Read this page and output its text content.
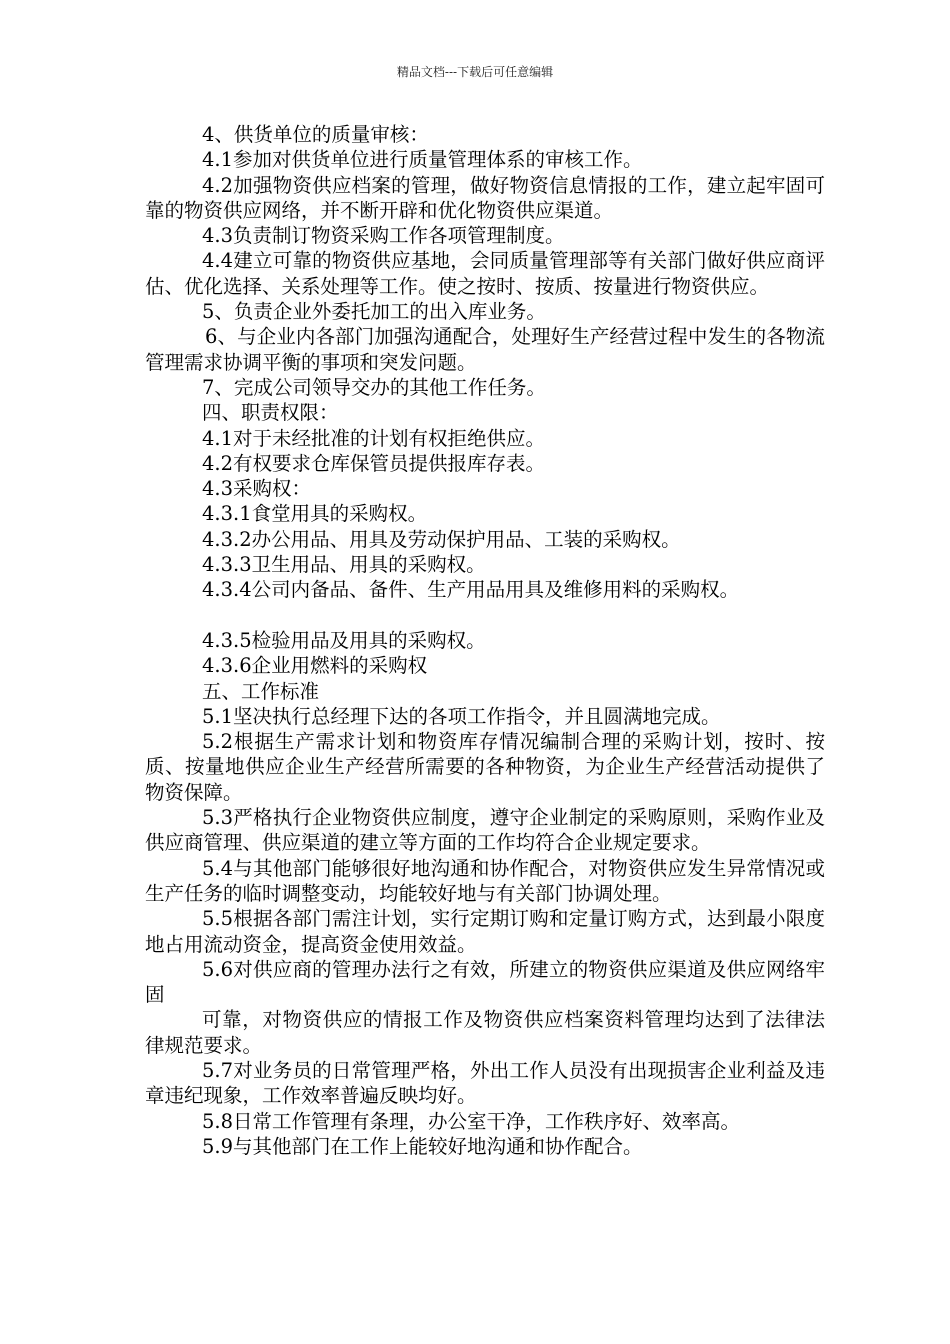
精品文档---下载后可任意编辑

4、供货单位的质量审核：

4.1参加对供货单位进行质量管理体系的审核工作。

4.2加强物资供应档案的管理，做好物资信息情报的工作，建立起牢固可靠的物资供应网络，并不断开辟和优化物资供应渠道。

4.3负责制订物资采购工作各项管理制度。

4.4建立可靠的物资供应基地，会同质量管理部等有关部门做好供应商评估、优化选择、关系处理等工作。使之按时、按质、按量进行物资供应。

5、负责企业外委托加工的出入库业务。

6、与企业内各部门加强沟通配合，处理好生产经营过程中发生的各物流管理需求协调平衡的事项和突发问题。

7、完成公司领导交办的其他工作任务。

四、职责权限：

4.1对于未经批准的计划有权拒绝供应。

4.2有权要求仓库保管员提供报库存表。

4.3采购权：

4.3.1食堂用具的采购权。

4.3.2办公用品、用具及劳动保护用品、工装的采购权。

4.3.3卫生用品、用具的采购权。

4.3.4公司内备品、备件、生产用品用具及维修用料的采购权。

4.3.5检验用品及用具的采购权。

4.3.6企业用燃料的采购权

五、工作标准

5.1坚决执行总经理下达的各项工作指令，并且圆满地完成。

5.2根据生产需求计划和物资库存情况编制合理的采购计划，按时、按质、按量地供应企业生产经营所需要的各种物资，为企业生产经营活动提供了物资保障。

5.3严格执行企业物资供应制度，遵守企业制定的采购原则，采购作业及供应商管理、供应渠道的建立等方面的工作均符合企业规定要求。

5.4与其他部门能够很好地沟通和协作配合，对物资供应发生异常情况或生产任务的临时调整变动，均能较好地与有关部门协调处理。

5.5根据各部门需注计划，实行定期订购和定量订购方式，达到最小限度地占用流动资金，提高资金使用效益。

5.6对供应商的管理办法行之有效，所建立的物资供应渠道及供应网络牢固

可靠，对物资供应的情报工作及物资供应档案资料管理均达到了法律法律规范要求。

5.7对业务员的日常管理严格，外出工作人员没有出现损害企业利益及违章违纪现象，工作效率普遍反映均好。

5.8日常工作管理有条理，办公室干净，工作秩序好、效率高。

5.9与其他部门在工作上能较好地沟通和协作配合。
